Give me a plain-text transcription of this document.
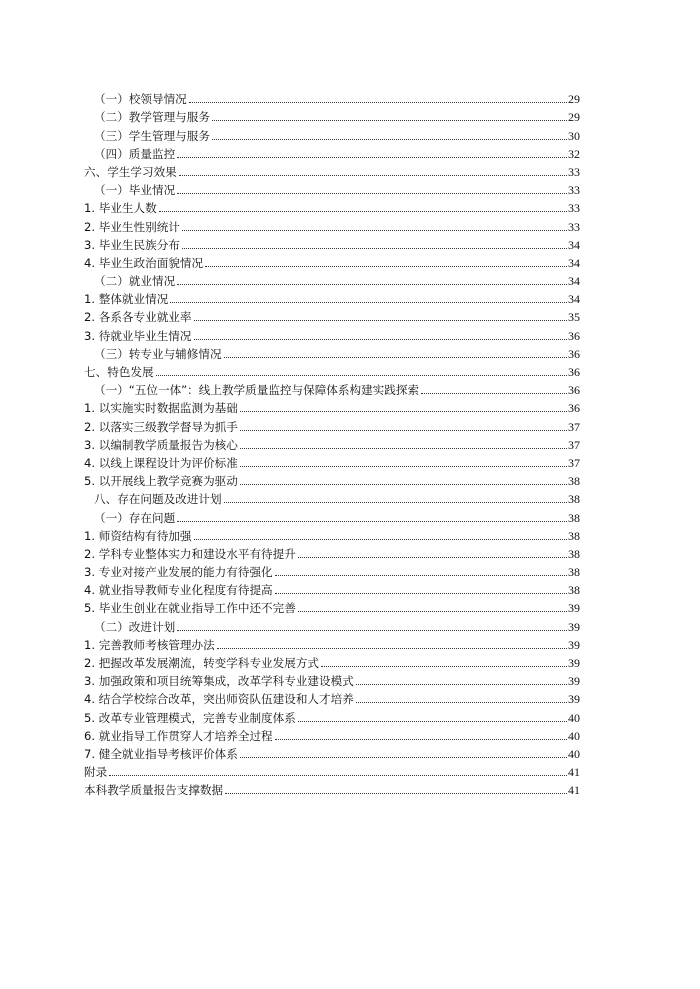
（一）校领导情况	29
（二）教学管理与服务	29
（三）学生管理与服务	30
（四）质量监控	32
六、学生学习效果	33
（一）毕业情况	33
1. 毕业生人数	33
2. 毕业生性别统计	33
3. 毕业生民族分布	34
4. 毕业生政治面貌情况	34
（二）就业情况	34
1. 整体就业情况	34
2. 各系各专业就业率	35
3. 待就业毕业生情况	36
（三）转专业与辅修情况	36
七、特色发展	36
（一）“五位一体”：线上教学质量监控与保障体系构建实践探索	36
1. 以实施实时数据监测为基础	36
2. 以落实三级教学督导为抓手	37
3. 以编制教学质量报告为核心	37
4. 以线上课程设计为评价标准	37
5. 以开展线上教学竞赛为驱动	38
八、存在问题及改进计划	38
（一）存在问题	38
1. 师资结构有待加强	38
2. 学科专业整体实力和建设水平有待提升	38
3. 专业对接产业发展的能力有待强化	38
4. 就业指导教师专业化程度有待提高	38
5. 毕业生创业在就业指导工作中还不完善	39
（二）改进计划	39
1. 完善教师考核管理办法	39
2. 把握改革发展潮流，转变学科专业发展方式	39
3. 加强政策和项目统筹集成，改革学科专业建设模式	39
4. 结合学校综合改革，突出师资队伍建设和人才培养	39
5. 改革专业管理模式，完善专业制度体系	40
6. 就业指导工作贯穿人才培养全过程	40
7. 健全就业指导考核评价体系	40
附录	41
本科教学质量报告支撑数据	41
